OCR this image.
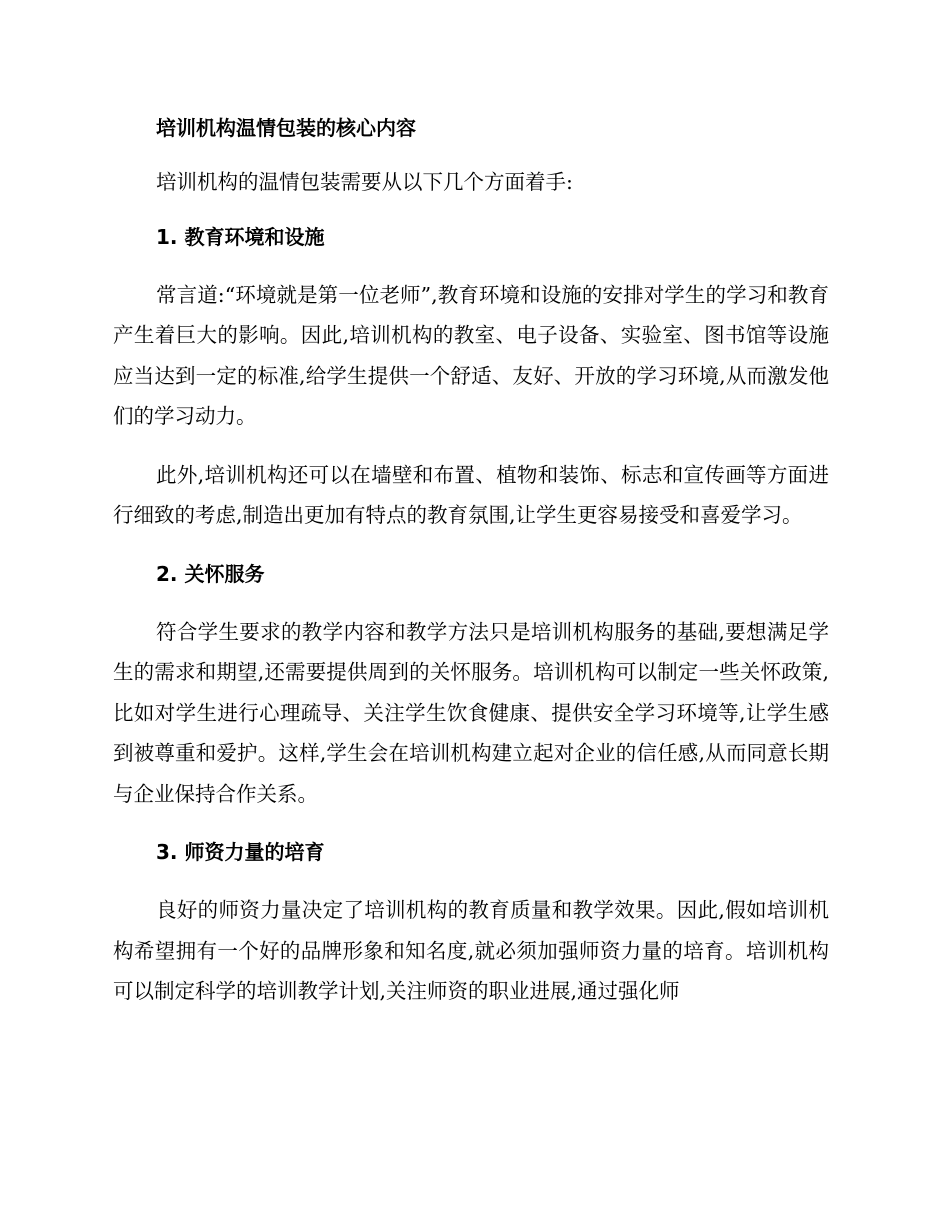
培训机构温情包装的核心内容

培训机构的温情包装需要从以下几个方面着手:

1. 教育环境和设施

常言道:“环境就是第一位老师”,教育环境和设施的安排对学生的学习和教育产生着巨大的影响。因此,培训机构的教室、电子设备、实验室、图书馆等设施应当达到一定的标准,给学生提供一个舒适、友好、开放的学习环境,从而激发他们的学习动力。

此外,培训机构还可以在墙壁和布置、植物和装饰、标志和宣传画等方面进行细致的考虑,制造出更加有特点的教育氛围,让学生更容易接受和喜爱学习。

2. 关怀服务

符合学生要求的教学内容和教学方法只是培训机构服务的基础,要想满足学生的需求和期望,还需要提供周到的关怀服务。培训机构可以制定一些关怀政策,比如对学生进行心理疏导、关注学生饮食健康、提供安全学习环境等,让学生感到被尊重和爱护。这样,学生会在培训机构建立起对企业的信任感,从而同意长期与企业保持合作关系。

3. 师资力量的培育

良好的师资力量决定了培训机构的教育质量和教学效果。因此,假如培训机构希望拥有一个好的品牌形象和知名度,就必须加强师资力量的培育。培训机构可以制定科学的培训教学计划,关注师资的职业进展,通过强化师
